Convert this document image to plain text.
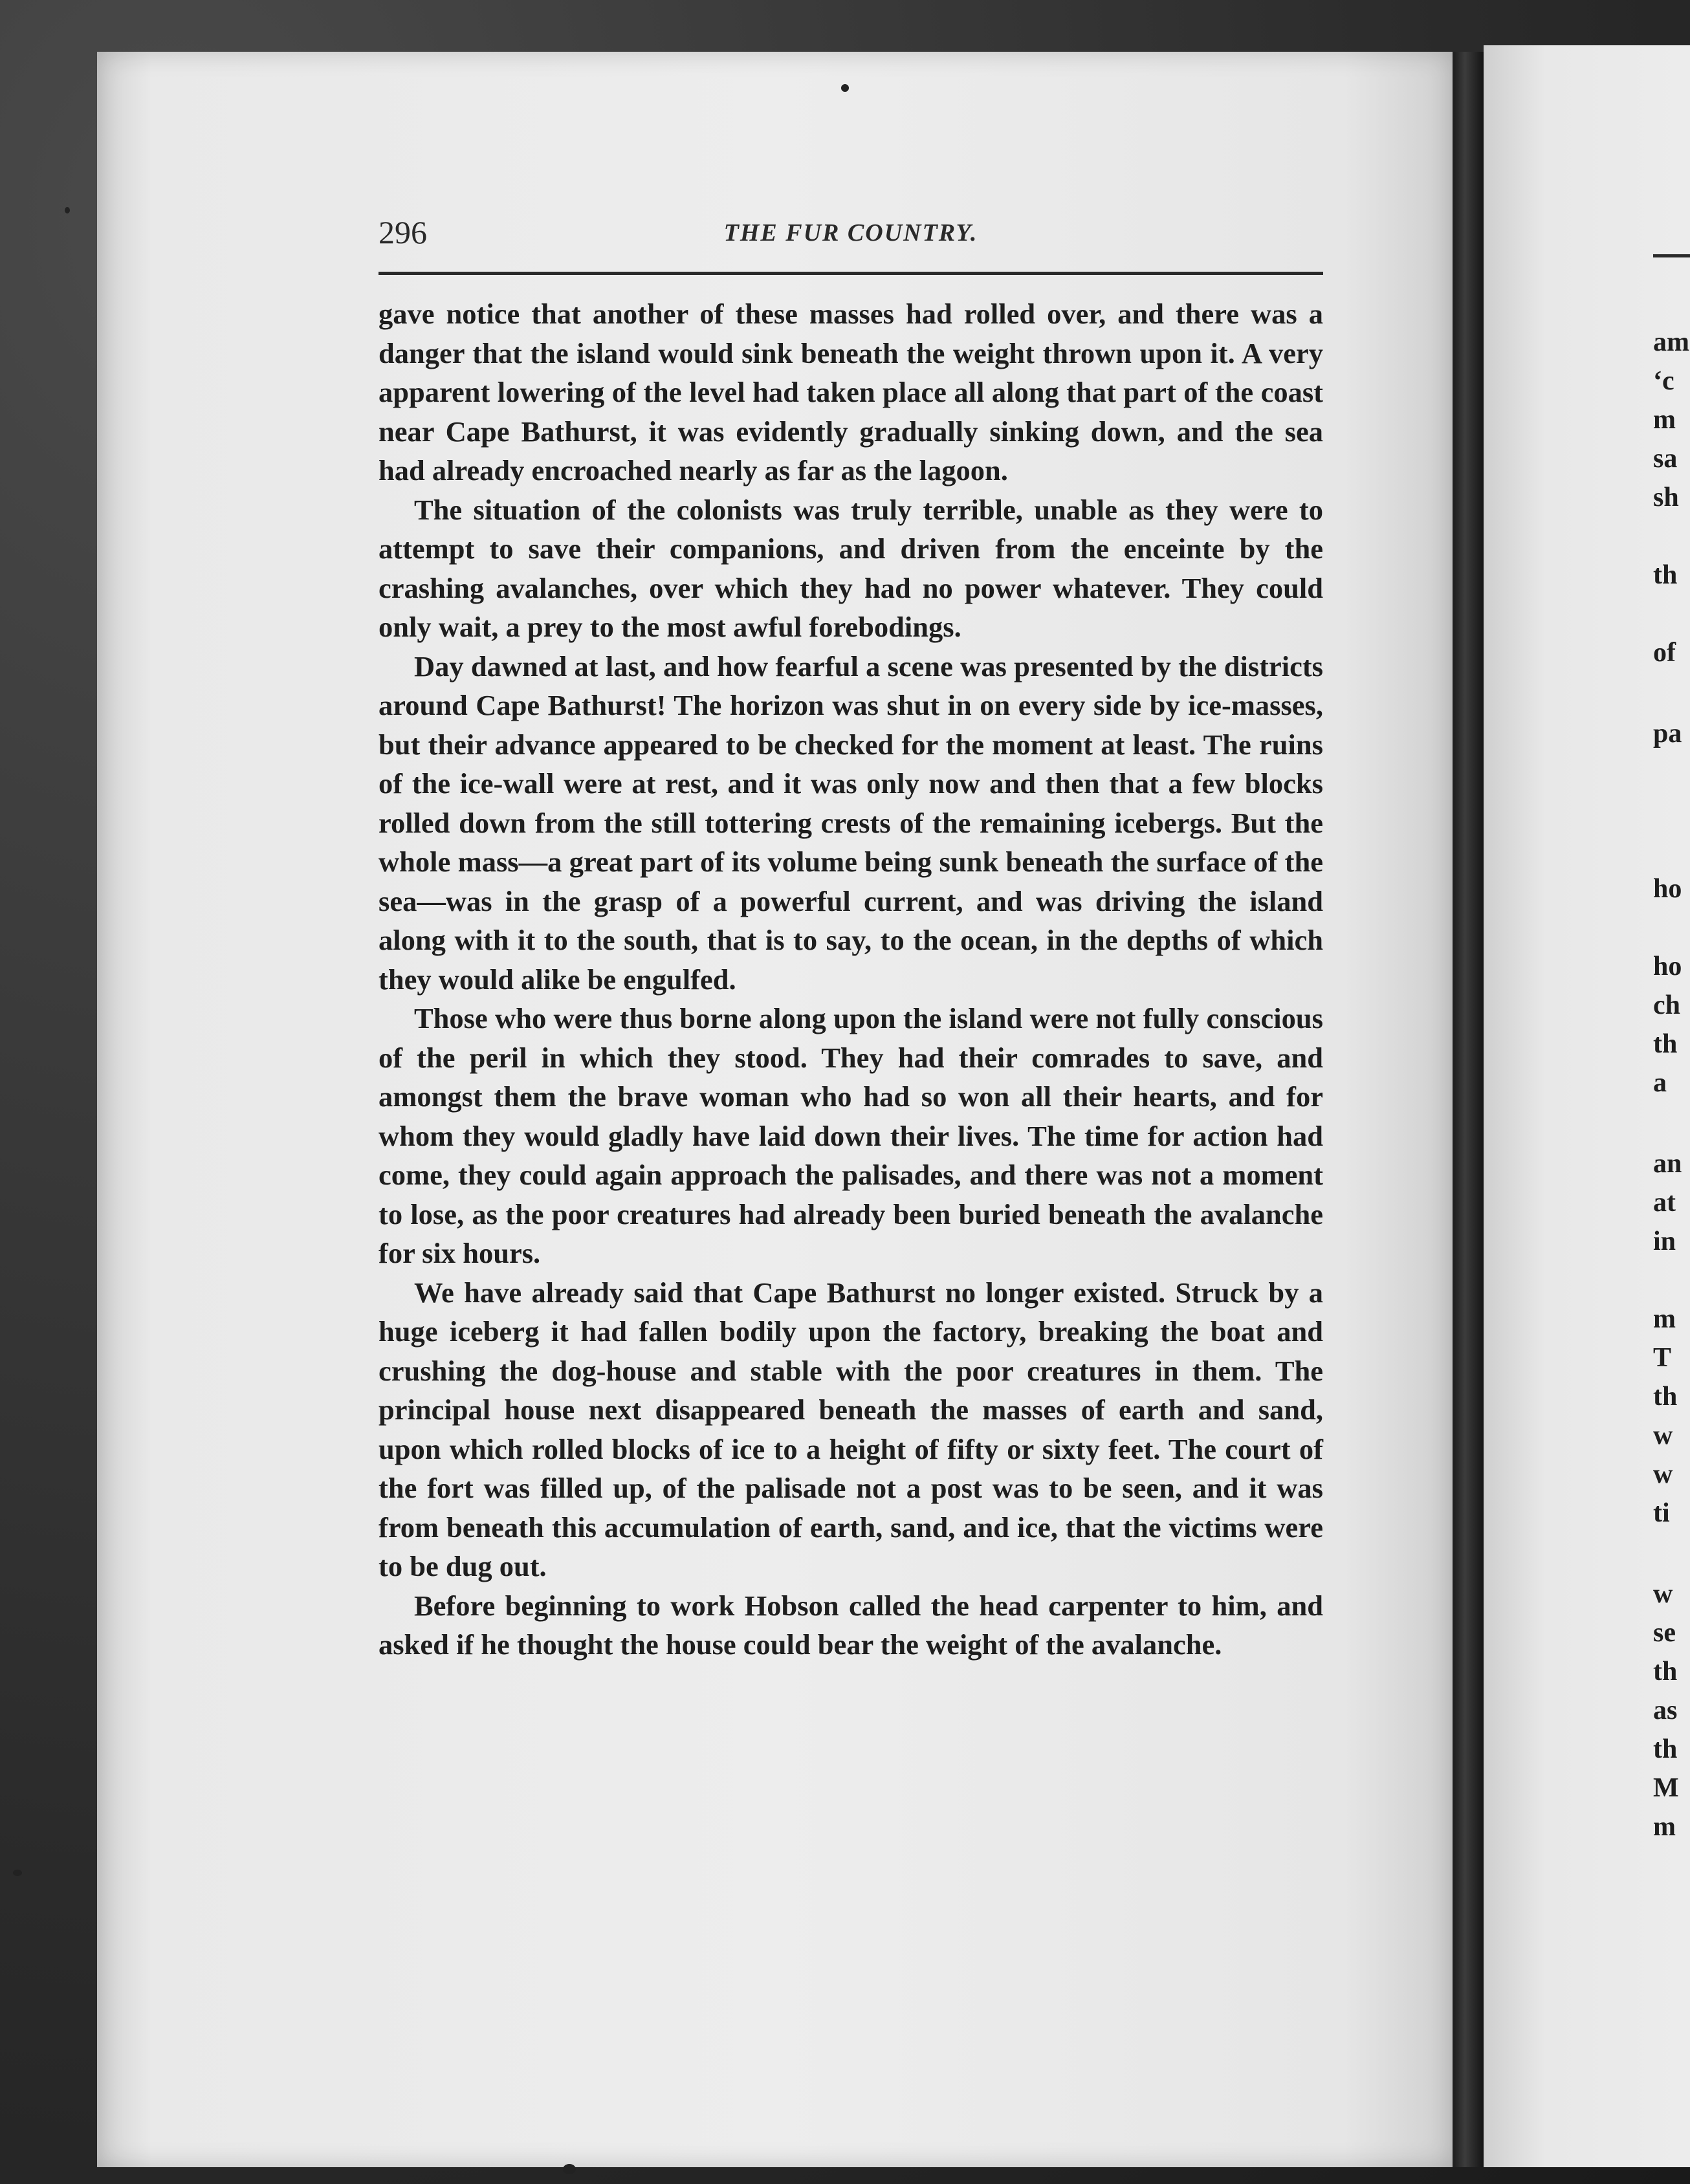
296	THE FUR COUNTRY.

gave notice that another of these masses had rolled over, and there was a danger that the island would sink beneath the weight thrown upon it. A very apparent lowering of the level had taken place all along that part of the coast near Cape Bathurst, it was evidently gradually sinking down, and the sea had already encroached nearly as far as the lagoon.

The situation of the colonists was truly terrible, unable as they were to attempt to save their companions, and driven from the enceinte by the crashing avalanches, over which they had no power whatever. They could only wait, a prey to the most awful forebodings.

Day dawned at last, and how fearful a scene was presented by the districts around Cape Bathurst! The horizon was shut in on every side by ice-masses, but their advance appeared to be checked for the moment at least. The ruins of the ice-wall were at rest, and it was only now and then that a few blocks rolled down from the still tottering crests of the remaining icebergs. But the whole mass—a great part of its volume being sunk beneath the surface of the sea—was in the grasp of a powerful current, and was driving the island along with it to the south, that is to say, to the ocean, in the depths of which they would alike be engulfed.

Those who were thus borne along upon the island were not fully conscious of the peril in which they stood. They had their comrades to save, and amongst them the brave woman who had so won all their hearts, and for whom they would gladly have laid down their lives. The time for action had come, they could again approach the palisades, and there was not a moment to lose, as the poor creatures had already been buried beneath the avalanche for six hours.

We have already said that Cape Bathurst no longer existed. Struck by a huge iceberg it had fallen bodily upon the factory, breaking the boat and crushing the dog-house and stable with the poor creatures in them. The principal house next disappeared beneath the masses of earth and sand, upon which rolled blocks of ice to a height of fifty or sixty feet. The court of the fort was filled up, of the palisade not a post was to be seen, and it was from beneath this accumulation of earth, sand, and ice, that the victims were to be dug out.

Before beginning to work Hobson called the head carpenter to him, and asked if he thought the house could bear the weight of the avalanche.

am
‘c
m
sa
sh
th
of
pa
ho
ho
ch
th
a
an
at
in
m
T
th
w
w
ti
w
se
th
as
th
M
m
